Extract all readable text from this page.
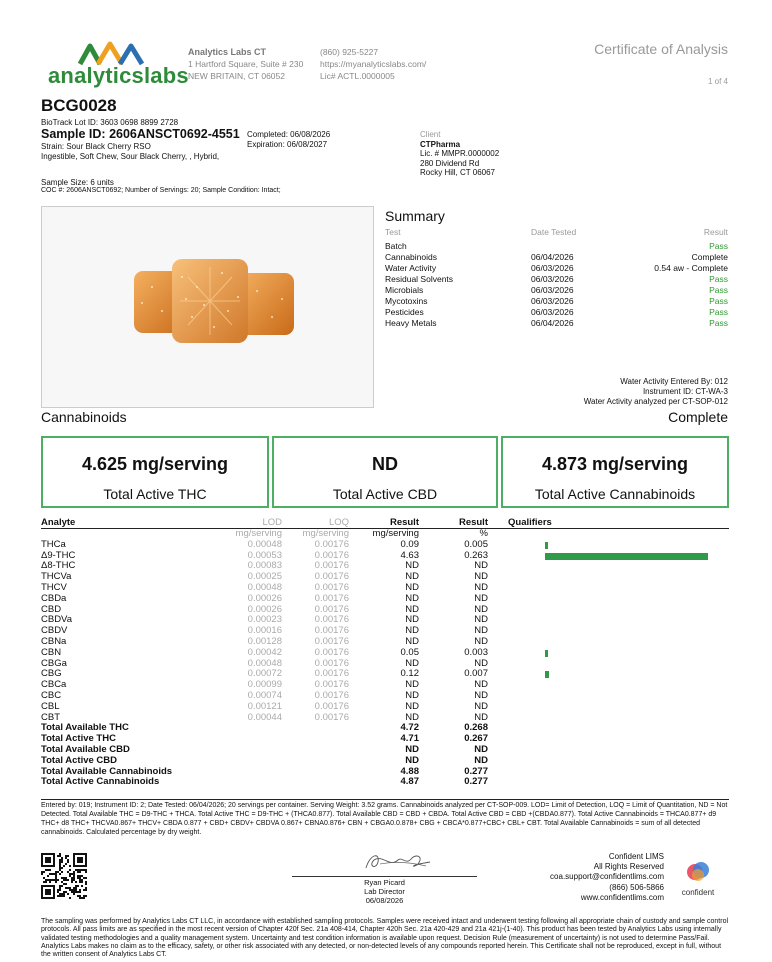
analyticslabs
Analytics Labs CT
1 Hartford Square, Suite # 230
NEW BRITAIN, CT 06052
(860) 925-5227
https://myanalyticslabs.com/
Lic# ACTL.0000005
Certificate of Analysis
1 of 4
BCG0028
BioTrack Lot ID: 3603 0698 8899 2728
Sample ID: 2606ANSCT0692-4551
Strain: Sour Black Cherry RSO
Ingestible, Soft Chew, Sour Black Cherry, , Hybrid,
Completed: 06/08/2026
Expiration: 06/08/2027
Client
CTPharma
Lic. # MMPR.0000002
280 Dividend Rd
Rocky Hill, CT 06067
Sample Size: 6 units
COC #: 2606ANSCT0692; Number of Servings: 20; Sample Condition: Intact;
Summary
Test	Date Tested	Result
Batch	Pass
Cannabinoids	06/04/2026	Complete
Water Activity	06/03/2026	0.54 aw - Complete
Residual Solvents	06/03/2026	Pass
Microbials	06/03/2026	Pass
Mycotoxins	06/03/2026	Pass
Pesticides	06/03/2026	Pass
Heavy Metals	06/04/2026	Pass
Water Activity Entered By: 012
Instrument ID: CT-WA-3
Water Activity analyzed per CT-SOP-012
Cannabinoids	Complete
4.625 mg/serving
Total Active THC
ND
Total Active CBD
4.873 mg/serving
Total Active Cannabinoids
Analyte	LOD	LOQ	Result	Result	Qualifiers
mg/serving	mg/serving	mg/serving	%
THCa	0.00048	0.00176	0.09	0.005
Δ9-THC	0.00053	0.00176	4.63	0.263
Δ8-THC	0.00083	0.00176	ND	ND
THCVa	0.00025	0.00176	ND	ND
THCV	0.00048	0.00176	ND	ND
CBDa	0.00026	0.00176	ND	ND
CBD	0.00026	0.00176	ND	ND
CBDVa	0.00023	0.00176	ND	ND
CBDV	0.00016	0.00176	ND	ND
CBNa	0.00128	0.00176	ND	ND
CBN	0.00042	0.00176	0.05	0.003
CBGa	0.00048	0.00176	ND	ND
CBG	0.00072	0.00176	0.12	0.007
CBCa	0.00099	0.00176	ND	ND
CBC	0.00074	0.00176	ND	ND
CBL	0.00121	0.00176	ND	ND
CBT	0.00044	0.00176	ND	ND
Total Available THC	4.72	0.268
Total Active THC	4.71	0.267
Total Available CBD	ND	ND
Total Active CBD	ND	ND
Total Available Cannabinoids	4.88	0.277
Total Active Cannabinoids	4.87	0.277
Entered by: 019; Instrument ID: 2; Date Tested: 06/04/2026; 20 servings per container. Serving Weight: 3.52 grams. Cannabinoids analyzed per CT-SOP-009. LOD= Limit of Detection, LOQ = Limit of Quantitation, ND = Not Detected. Total Available THC = D9-THC + THCA. Total Active THC = D9-THC + (THCA0.877). Total Available CBD = CBD + CBDA. Total Active CBD = CBD +(CBDA0.877). Total Active Cannabinoids = THCA0.877+ d9 THC+ d8 THC+ THCVA0.867+ THCV+ CBDA 0.877 + CBD+ CBDV+ CBDVA 0.867+ CBNA0.876+ CBN + CBGA0.0.878+ CBG + CBCA*0.877+CBC+ CBL+ CBT. Total Available Cannabinoids = sum of all detected cannabinoids. Calculated percentage by dry weight.
Ryan Picard
Lab Director
06/08/2026
Confident LIMS
All Rights Reserved
coa.support@confidentlims.com
(866) 506-5866
www.confidentlims.com
confident
The sampling was performed by Analytics Labs CT LLC, in accordance with established sampling protocols. Samples were received intact and underwent testing following all appropriate chain of custody and sample control protocols. All pass limits are as specified in the most recent version of Chapter 420f Sec. 21a 408-414, Chapter 420h Sec. 21a 420-429 and 21a 421j-(1-40). This product has been tested by Analytics Labs using internally validated testing methodologies and a quality management system. Uncertainty and test condition information is available upon request. Decision Rule (measurement of uncertainty) is not used to determine Pass/Fail. Analytics Labs makes no claim as to the efficacy, safety, or other risk associated with any detected, or non-detected levels of any compounds reported herein. This Certificate shall not be reproduced, except in full, without the written consent of Analytics Labs CT.
